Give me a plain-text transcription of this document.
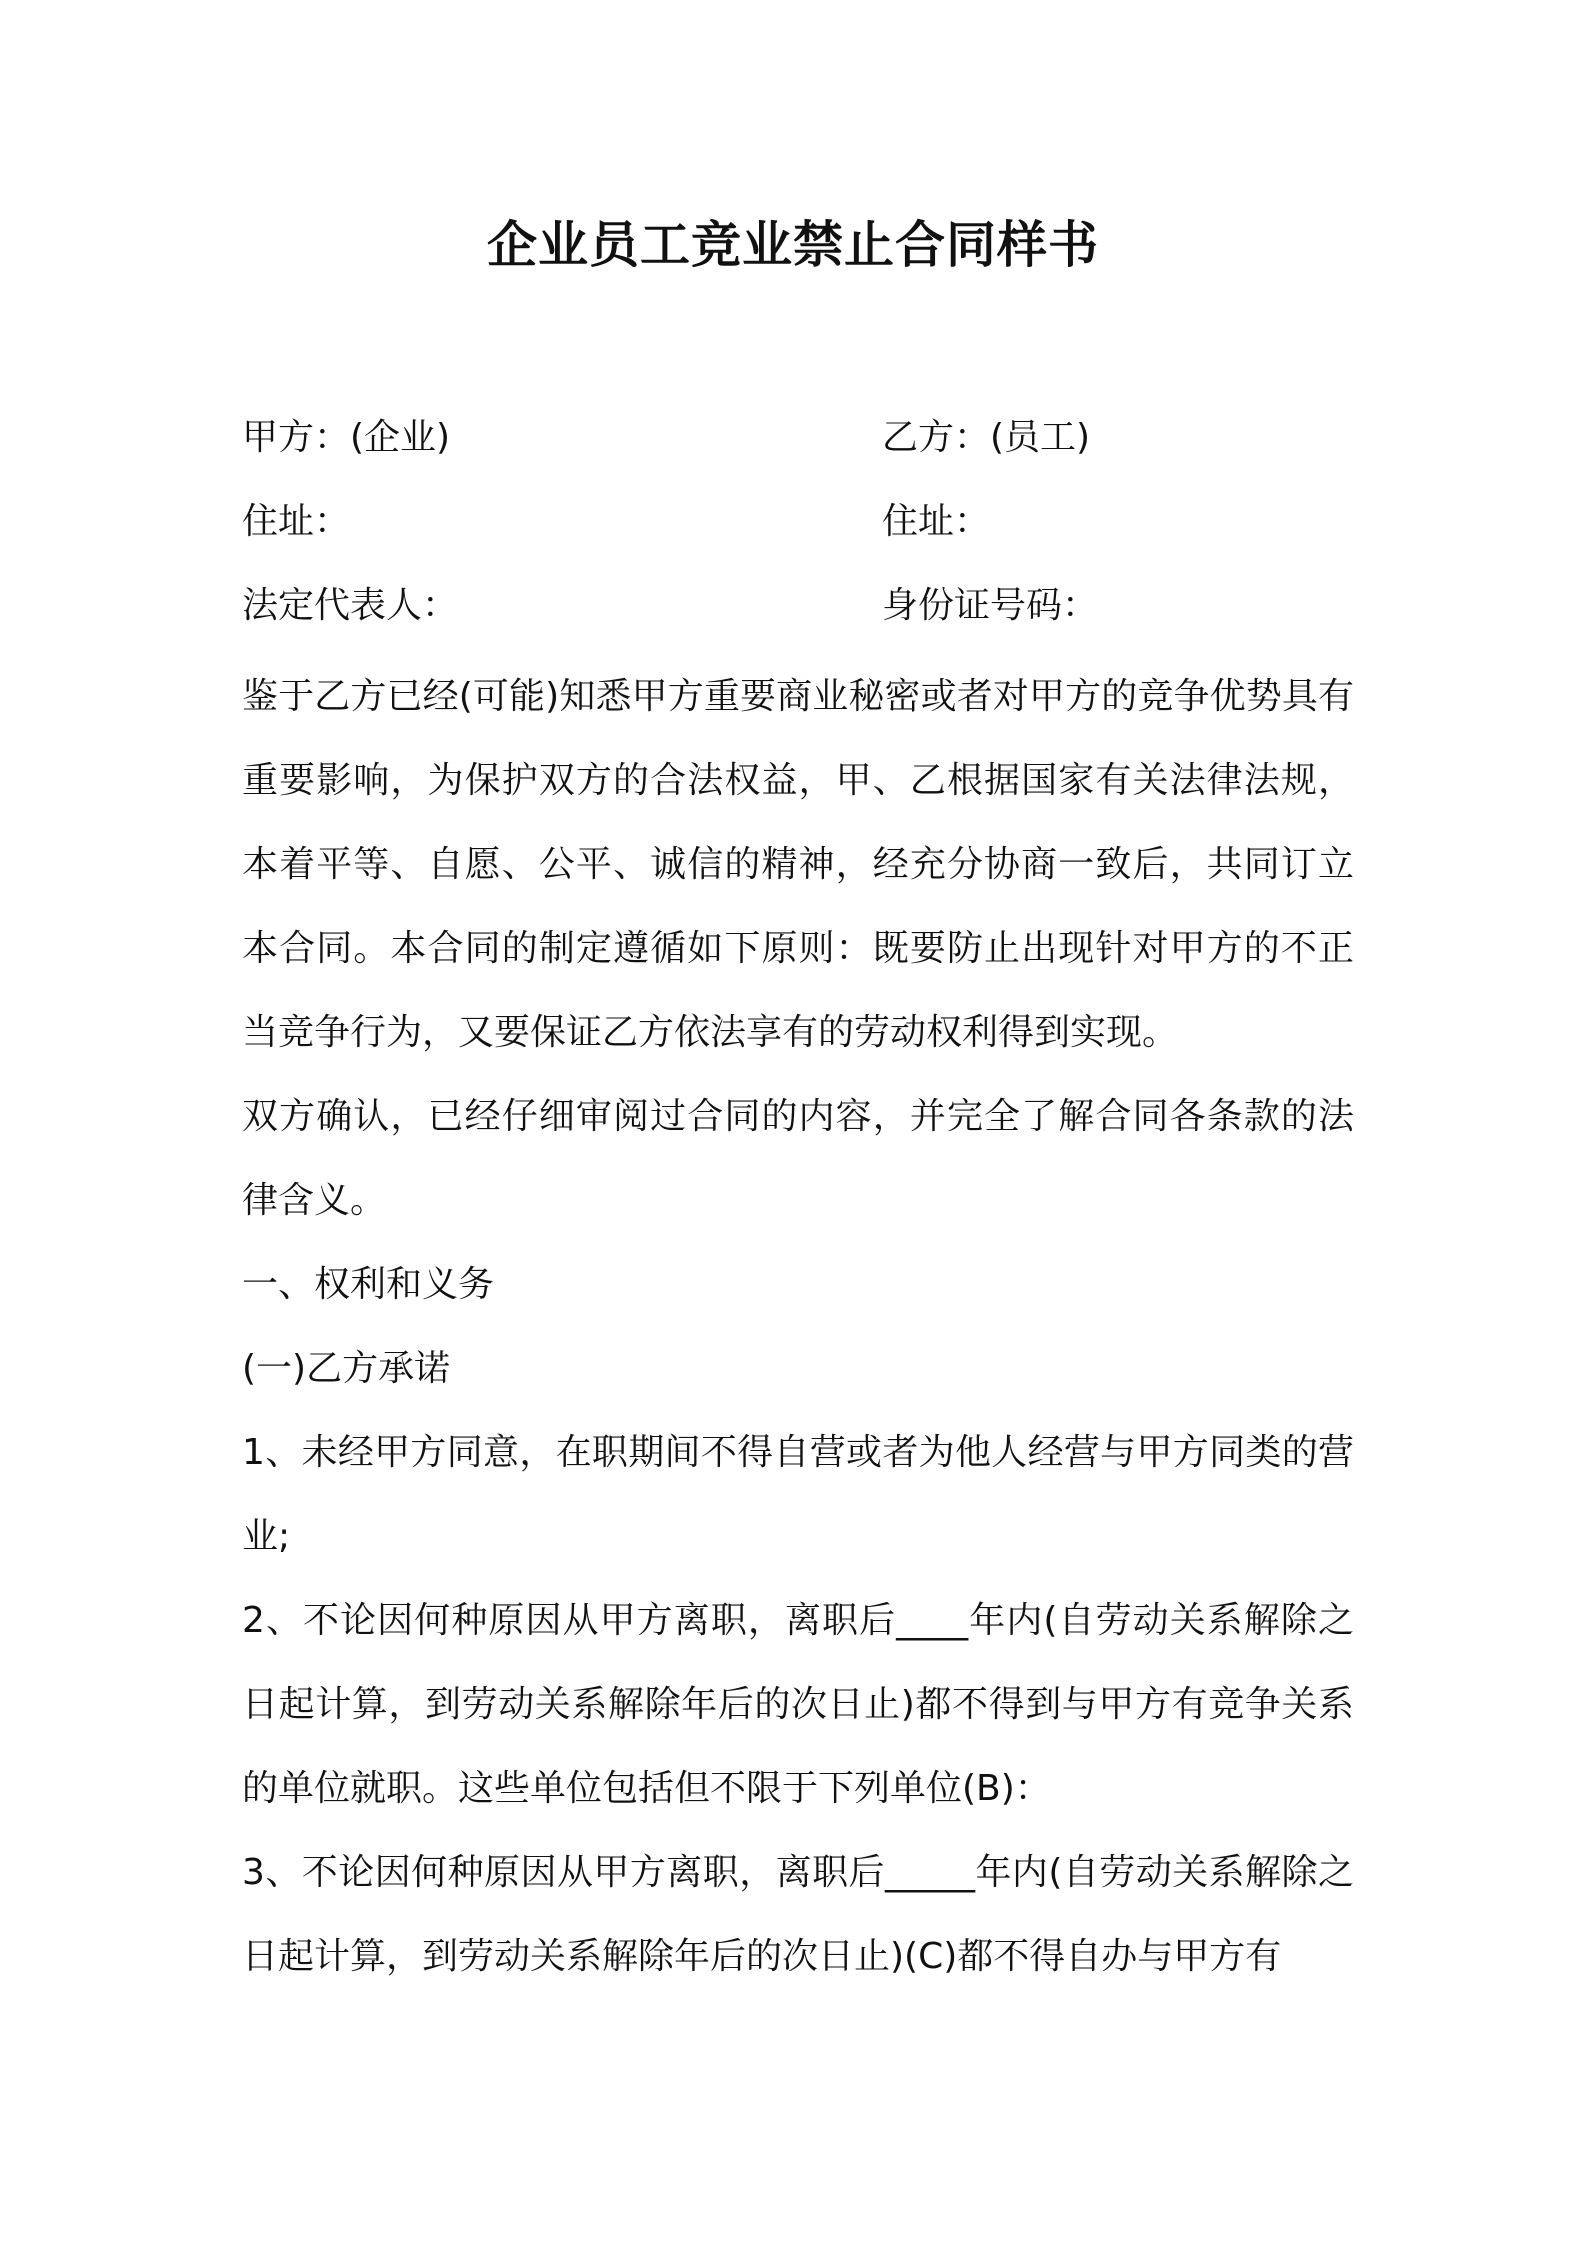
企业员工竞业禁止合同样书
甲方：(企业)	乙方：(员工)
住址：	住址：
法定代表人：	身份证号码：

鉴于乙方已经(可能)知悉甲方重要商业秘密或者对甲方的竞争优势具有重要影响，为保护双方的合法权益，甲、乙根据国家有关法律法规，本着平等、自愿、公平、诚信的精神，经充分协商一致后，共同订立本合同。本合同的制定遵循如下原则：既要防止出现针对甲方的不正当竞争行为，又要保证乙方依法享有的劳动权利得到实现。

双方确认，已经仔细审阅过合同的内容，并完全了解合同各条款的法律含义。

一、权利和义务

(一)乙方承诺

1、未经甲方同意，在职期间不得自营或者为他人经营与甲方同类的营业;

2、不论因何种原因从甲方离职，离职后____年内(自劳动关系解除之日起计算，到劳动关系解除年后的次日止)都不得到与甲方有竞争关系的单位就职。这些单位包括但不限于下列单位(B)：

3、不论因何种原因从甲方离职，离职后_____年内(自劳动关系解除之日起计算，到劳动关系解除年后的次日止)(C)都不得自办与甲方有
